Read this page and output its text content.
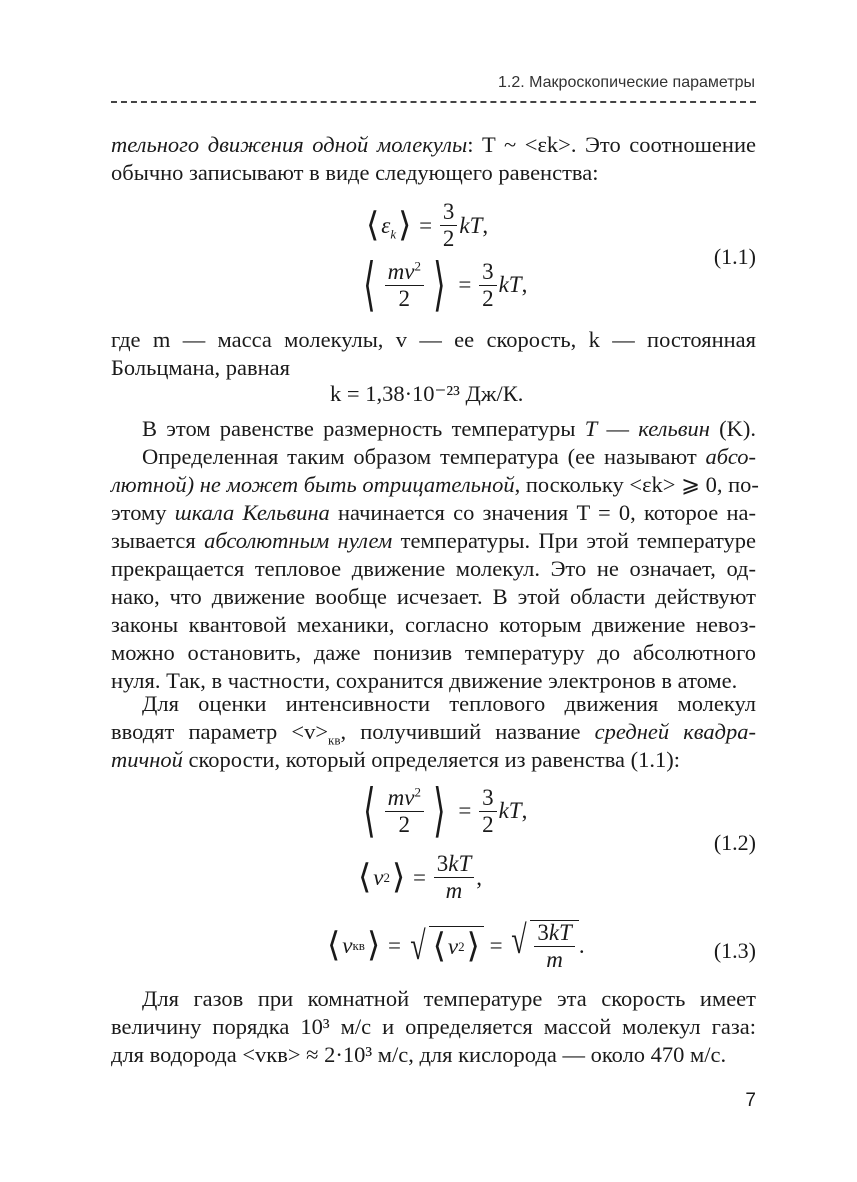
1.2. Макроскопические параметры
тельного движения одной молекулы: T ~ <εk>. Это соотношение
обычно записывают в виде следующего равенства:
⟨ $\varepsilon_k$ ⟩ = $\frac{3}{2}$ kT ,
⟨ $\frac{mv^2}{2}$ ⟩ = $\frac{3}{2}$ kT ,
(1.1)
где m — масса молекулы, v — ее скорость, k — постоянная
Больцмана, равная
k = 1,38·10⁻²³ Дж/К.
В этом равенстве размерность температуры T — кельвин (K).
Определенная таким образом температура (ее называют абсо-
лютной) не может быть отрицательной, поскольку <εk> ⩾ 0, по-
этому шкала Кельвина начинается со значения T = 0, которое на-
зывается абсолютным нулем температуры. При этой температуре
прекращается тепловое движение молекул. Это не означает, од-
нако, что движение вообще исчезает. В этой области действуют
законы квантовой механики, согласно которым движение невоз-
можно остановить, даже понизив температуру до абсолютного
нуля. Так, в частности, сохранится движение электронов в атоме.
Для оценки интенсивности теплового движения молекул
вводят параметр $<v>_{кв}$, получивший название средней квадра-
тичной скорости, который определяется из равенства (1.1):
⟨ $\frac{mv^2}{2}$ ⟩ = $\frac{3}{2}$ kT ,
⟨ v 2 ⟩ = $\frac{3kT}{m}$ ,
(1.2)
⟨ v кв ⟩ = √ ⟨ v 2 ⟩ = √ $\frac{3kT}{m}$ .	(1.3)
Для газов при комнатной температуре эта скорость имеет
величину порядка 10³ м/с и определяется массой молекул газа:
для водорода <vкв> ≈ 2·10³ м/с, для кислорода — около 470 м/с.
7
